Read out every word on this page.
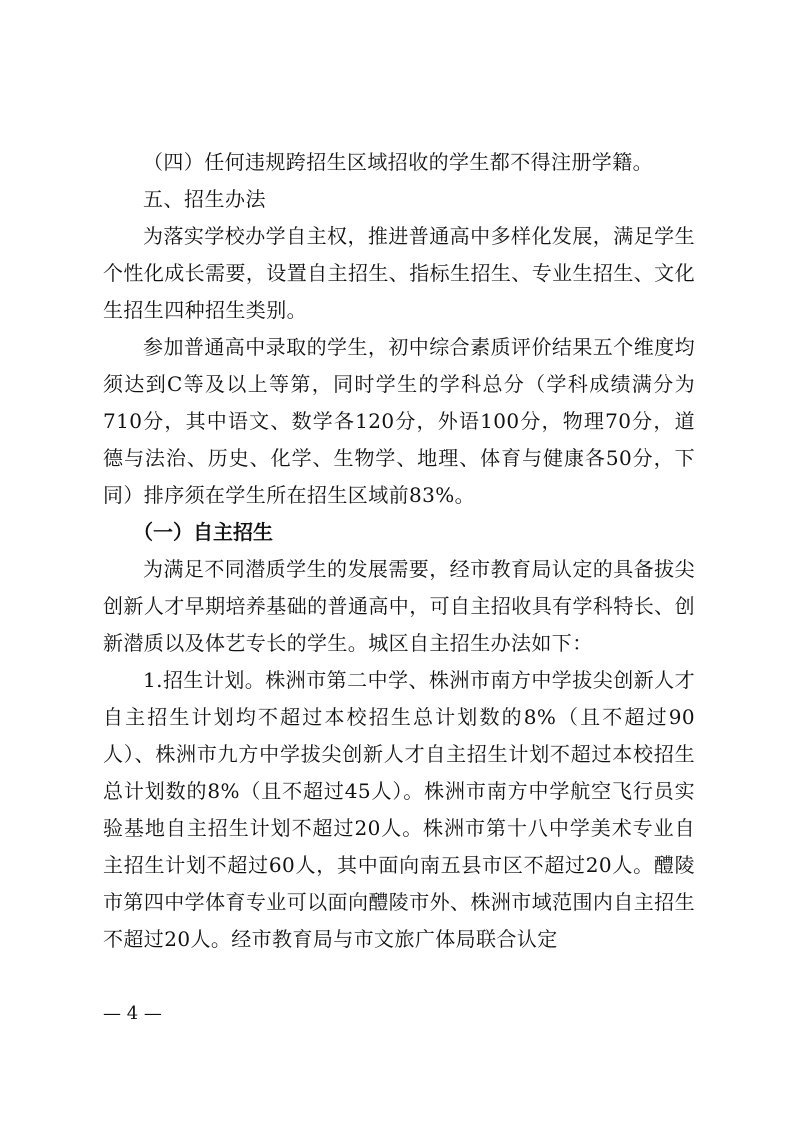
（四）任何违规跨招生区域招收的学生都不得注册学籍。

五、招生办法

为落实学校办学自主权，推进普通高中多样化发展，满足学生个性化成长需要，设置自主招生、指标生招生、专业生招生、文化生招生四种招生类别。

参加普通高中录取的学生，初中综合素质评价结果五个维度均须达到C等及以上等第，同时学生的学科总分（学科成绩满分为710分，其中语文、数学各120分，外语100分，物理70分，道德与法治、历史、化学、生物学、地理、体育与健康各50分，下同）排序须在学生所在招生区域前83%。

（一）自主招生

为满足不同潜质学生的发展需要，经市教育局认定的具备拔尖创新人才早期培养基础的普通高中，可自主招收具有学科特长、创新潜质以及体艺专长的学生。城区自主招生办法如下：

1.招生计划。株洲市第二中学、株洲市南方中学拔尖创新人才自主招生计划均不超过本校招生总计划数的8%（且不超过90人）、株洲市九方中学拔尖创新人才自主招生计划不超过本校招生总计划数的8%（且不超过45人）。株洲市南方中学航空飞行员实验基地自主招生计划不超过20人。株洲市第十八中学美术专业自主招生计划不超过60人，其中面向南五县市区不超过20人。醴陵市第四中学体育专业可以面向醴陵市外、株洲市域范围内自主招生不超过20人。经市教育局与市文旅广体局联合认定

— 4 —
